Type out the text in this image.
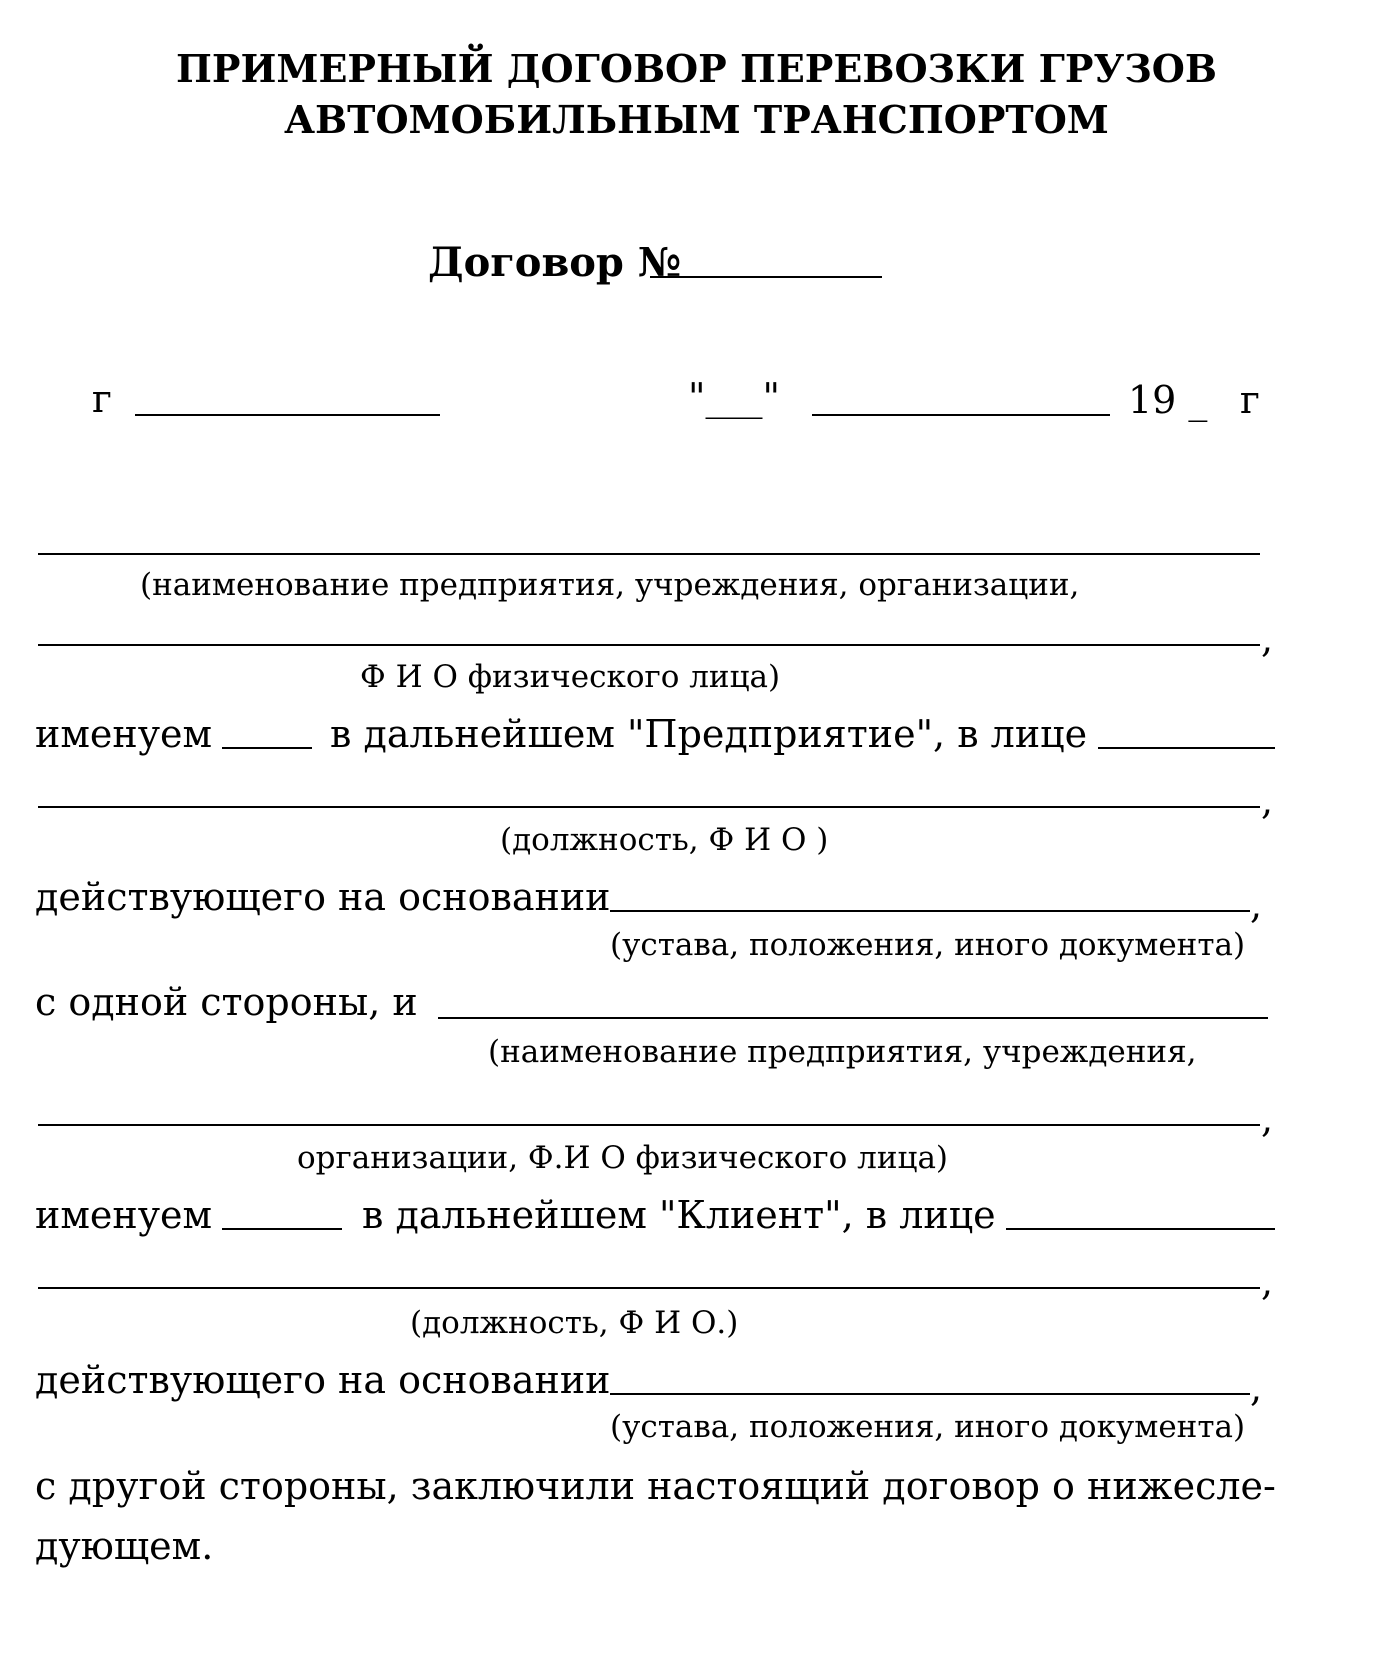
ПРИМЕРНЫЙ ДОГОВОР ПЕРЕВОЗКИ ГРУЗОВ
АВТОМОБИЛЬНЫМ ТРАНСПОРТОМ
Договор №
г	"___"	19 _ г
(наименование предприятия, учреждения, организации,
,
Ф И О физического лица)
именуем	в дальнейшем "Предприятие", в лице
,
(должность, Ф И О )
действующего на основании	,
(устава, положения, иного документа)
с одной стороны, и
(наименование предприятия, учреждения,
,
организации, Ф.И О физического лица)
именуем	в дальнейшем "Клиент", в лице
,
(должность, Ф И О.)
действующего на основании	,
(устава, положения, иного документа)
с другой стороны, заключили настоящий договор о нижесле-
дующем.
